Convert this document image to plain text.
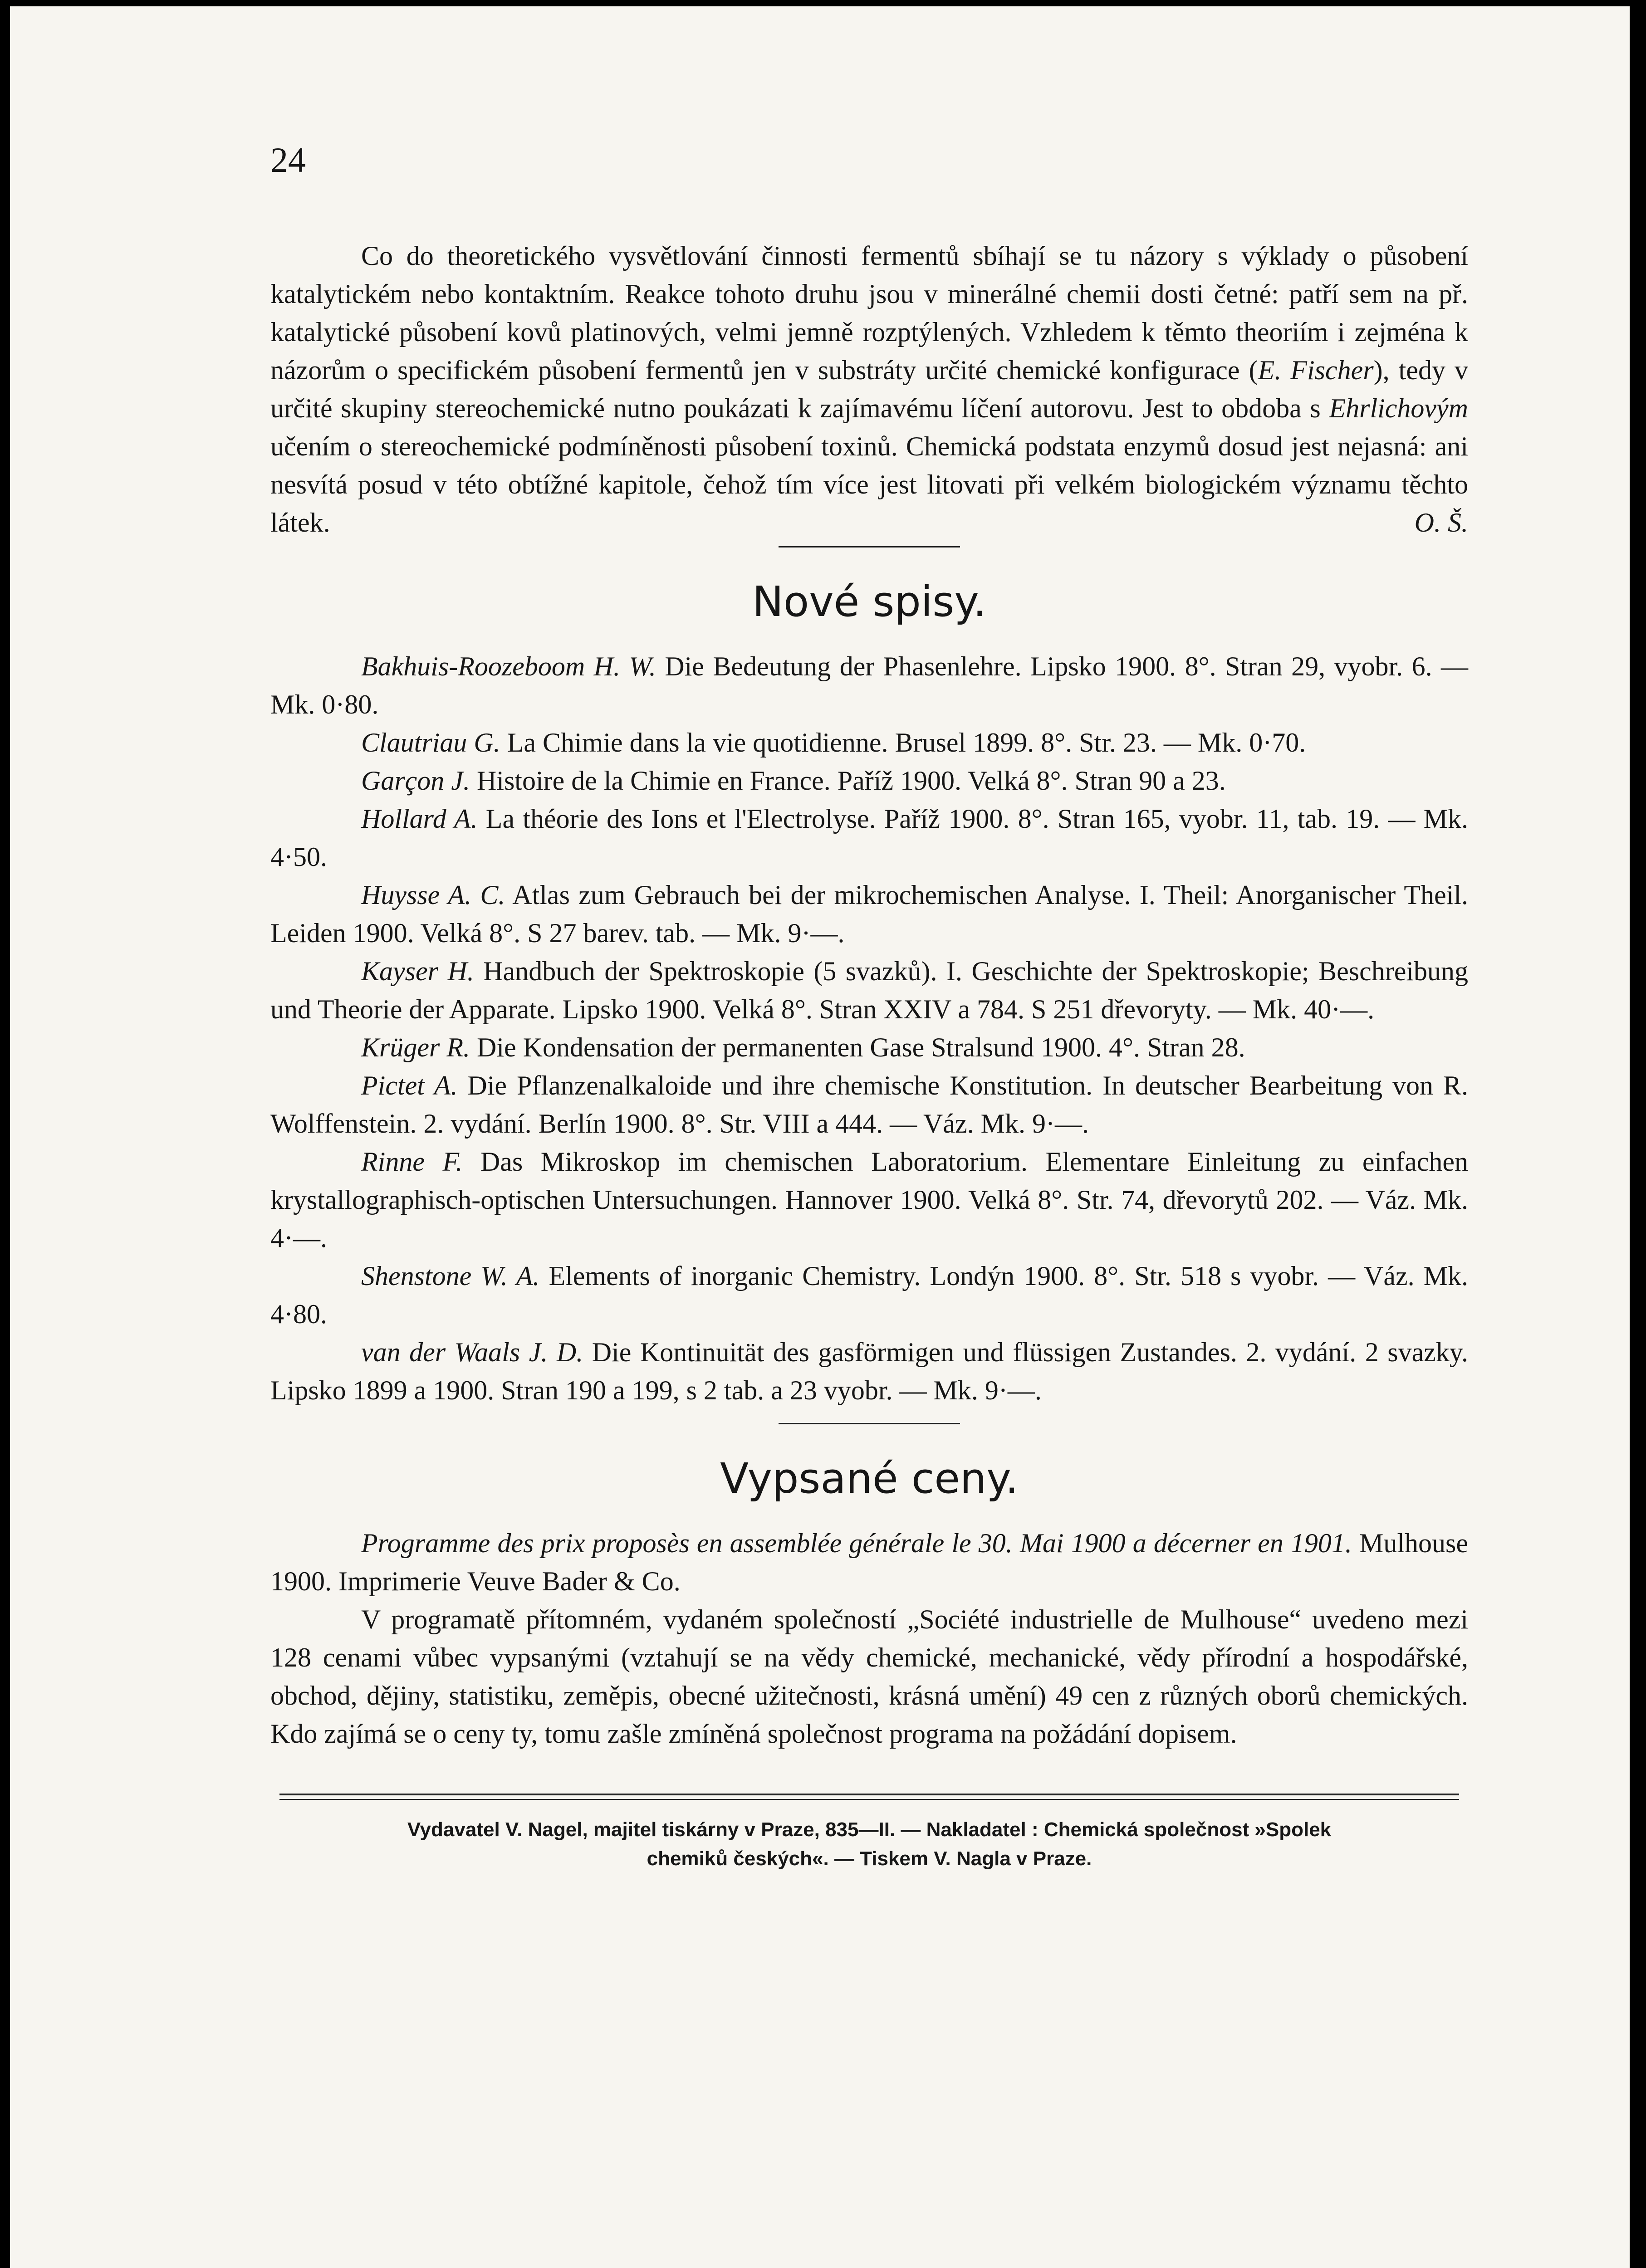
24

Co do theoretického vysvětlování činnosti fermentů sbíhají se tu názory s výklady o působení katalytickém nebo kontaktním. Reakce tohoto druhu jsou v minerálné chemii dosti četné: patří sem na př. katalytické působení kovů platinových, velmi jemně rozptýlených. Vzhledem k těmto theoriím i zejména k názorům o specifickém působení fermentů jen v substráty určité chemické konfigurace (E. Fischer), tedy v určité skupiny stereochemické nutno poukázati k zajímavému líčení autorovu. Jest to obdoba s Ehrlichovým učením o stereochemické podmíněnosti působení toxinů. Chemická podstata enzymů dosud jest nejasná: ani nesvítá posud v této obtížné kapitole, čehož tím více jest litovati při velkém biologickém významu těchto látek.	O. Š.

Nové spisy.

Bakhuis-Roozeboom H. W. Die Bedeutung der Phasenlehre. Lipsko 1900. 8°. Stran 29, vyobr. 6. — Mk. 0·80.

Clautriau G. La Chimie dans la vie quotidienne. Brusel 1899. 8°. Str. 23. — Mk. 0·70.

Garçon J. Histoire de la Chimie en France. Paříž 1900. Velká 8°. Stran 90 a 23.

Hollard A. La théorie des Ions et l'Electrolyse. Paříž 1900. 8°. Stran 165, vyobr. 11, tab. 19. — Mk. 4·50.

Huysse A. C. Atlas zum Gebrauch bei der mikrochemischen Analyse. I. Theil: Anorganischer Theil. Leiden 1900. Velká 8°. S 27 barev. tab. — Mk. 9·—.

Kayser H. Handbuch der Spektroskopie (5 svazků). I. Geschichte der Spektroskopie; Beschreibung und Theorie der Apparate. Lipsko 1900. Velká 8°. Stran XXIV a 784. S 251 dřevoryty. — Mk. 40·—.

Krüger R. Die Kondensation der permanenten Gase Stralsund 1900. 4°. Stran 28.

Pictet A. Die Pflanzenalkaloide und ihre chemische Konstitution. In deutscher Bearbeitung von R. Wolffenstein. 2. vydání. Berlín 1900. 8°. Str. VIII a 444. — Váz. Mk. 9·—.

Rinne F. Das Mikroskop im chemischen Laboratorium. Elementare Einleitung zu einfachen krystallographisch-optischen Untersuchungen. Hannover 1900. Velká 8°. Str. 74, dřevorytů 202. — Váz. Mk. 4·—.

Shenstone W. A. Elements of inorganic Chemistry. Londýn 1900. 8°. Str. 518 s vyobr. — Váz. Mk. 4·80.

van der Waals J. D. Die Kontinuität des gasförmigen und flüssigen Zustandes. 2. vydání. 2 svazky. Lipsko 1899 a 1900. Stran 190 a 199, s 2 tab. a 23 vyobr. — Mk. 9·—.

Vypsané ceny.

Programme des prix proposès en assemblée générale le 30. Mai 1900 a décerner en 1901. Mulhouse 1900. Imprimerie Veuve Bader & Co.

V programatě přítomném, vydaném společností „Société industrielle de Mulhouse“ uvedeno mezi 128 cenami vůbec vypsanými (vztahují se na vědy chemické, mechanické, vědy přírodní a hospodářské, obchod, dějiny, statistiku, zeměpis, obecné užitečnosti, krásná umění) 49 cen z různých oborů chemických. Kdo zajímá se o ceny ty, tomu zašle zmíněná společnost programa na požádání dopisem.

Vydavatel V. Nagel, majitel tiskárny v Praze, 835—II. — Nakladatel : Chemická společnost »Spolek
chemiků českých«. — Tiskem V. Nagla v Praze.
